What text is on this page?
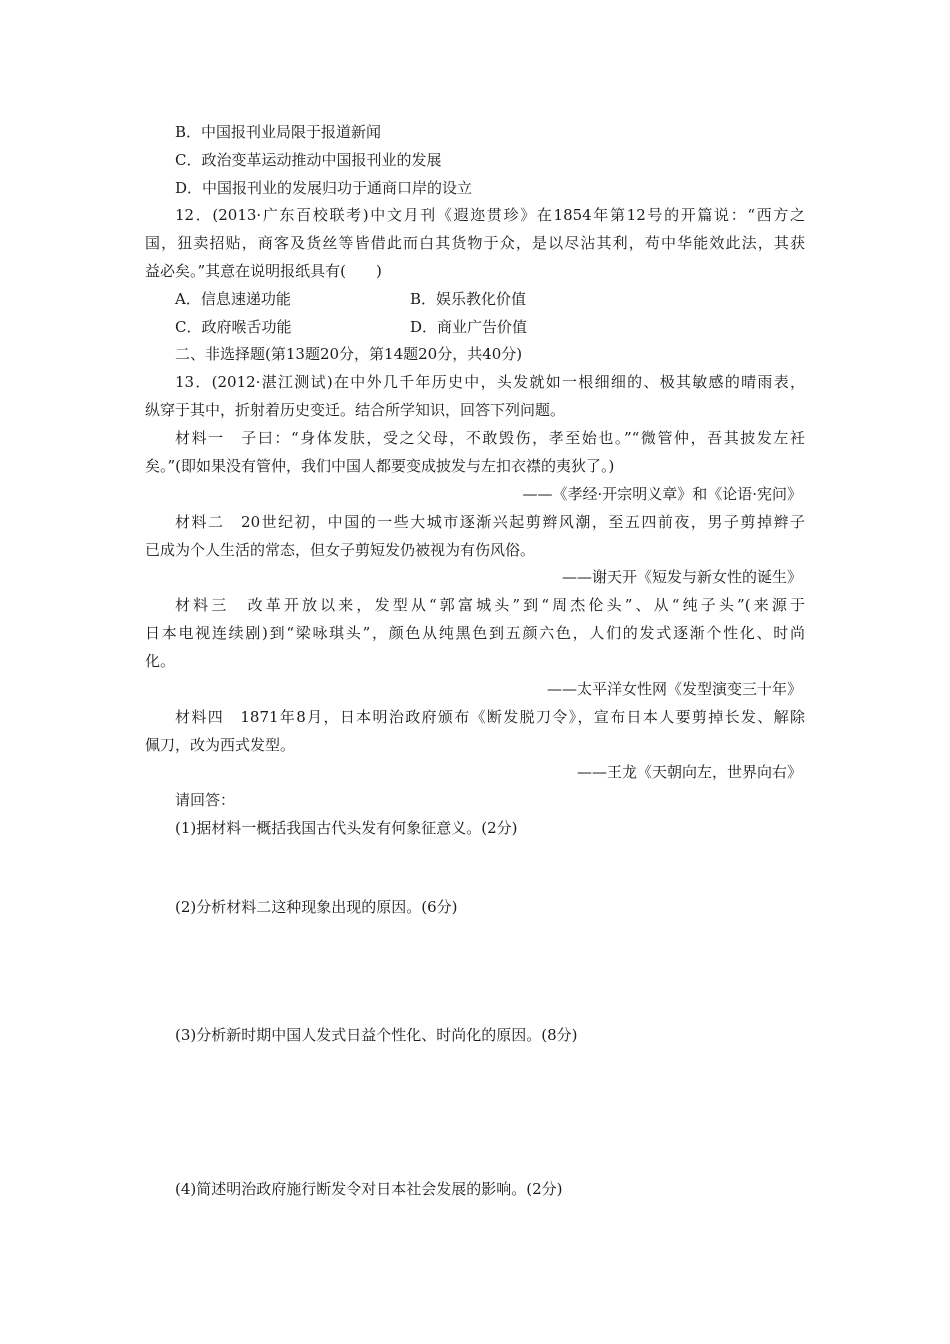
B．中国报刊业局限于报道新闻
C．政治变革运动推动中国报刊业的发展
D．中国报刊业的发展归功于通商口岸的设立
12．(2013·广东百校联考)中文月刊《遐迩贯珍》在1854年第12号的开篇说：“西方之
国，狃卖招贴，商客及货丝等皆借此而白其货物于众，是以尽沾其利，苟中华能效此法，其获
益必矣。”其意在说明报纸具有(　　)
A．信息速递功能	B．娱乐教化价值
C．政府喉舌功能	D．商业广告价值
二、非选择题(第13题20分，第14题20分，共40分)
13．(2012·湛江测试)在中外几千年历史中，头发就如一根细细的、极其敏感的晴雨表，
纵穿于其中，折射着历史变迁。结合所学知识，回答下列问题。
材料一　子曰：“身体发肤，受之父母，不敢毁伤，孝至始也。”“微管仲，吾其披发左衽
矣。”(即如果没有管仲，我们中国人都要变成披发与左扣衣襟的夷狄了。)
——《孝经·开宗明义章》和《论语·宪问》
材料二　20世纪初，中国的一些大城市逐渐兴起剪辫风潮，至五四前夜，男子剪掉辫子
已成为个人生活的常态，但女子剪短发仍被视为有伤风俗。
——谢天开《短发与新女性的诞生》
材料三　改革开放以来，发型从“郭富城头”到“周杰伦头”、从“纯子头”(来源于
日本电视连续剧)到“梁咏琪头”，颜色从纯黑色到五颜六色，人们的发式逐渐个性化、时尚
化。
——太平洋女性网《发型演变三十年》
材料四　1871年8月，日本明治政府颁布《断发脱刀令》，宣布日本人要剪掉长发、解除
佩刀，改为西式发型。
——王龙《天朝向左，世界向右》
请回答：
(1)据材料一概括我国古代头发有何象征意义。(2分)
(2)分析材料二这种现象出现的原因。(6分)
(3)分析新时期中国人发式日益个性化、时尚化的原因。(8分)
(4)简述明治政府施行断发令对日本社会发展的影响。(2分)
